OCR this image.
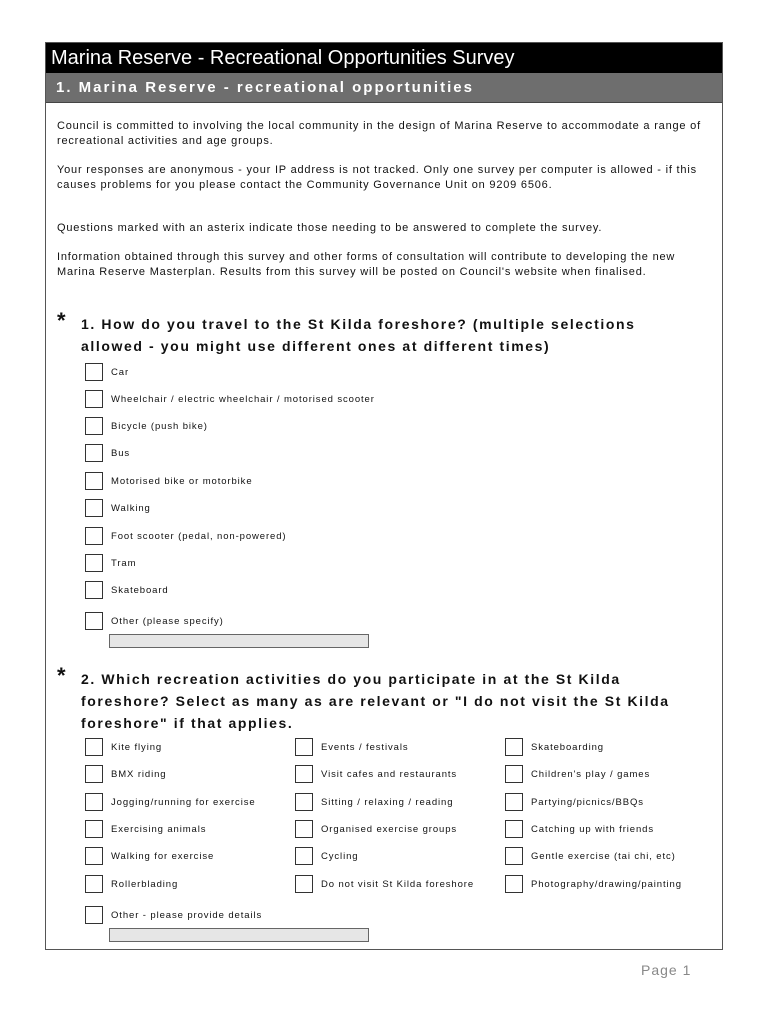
Marina Reserve - Recreational Opportunities Survey
1. Marina Reserve - recreational opportunities

Council is committed to involving the local community in the design of Marina Reserve to accommodate a range of recreational activities and age groups.

Your responses are anonymous - your IP address is not tracked. Only one survey per computer is allowed - if this causes problems for you please contact the Community Governance Unit on 9209 6506.

Questions marked with an asterix indicate those needing to be answered to complete the survey.

Information obtained through this survey and other forms of consultation will contribute to developing the new Marina Reserve Masterplan. Results from this survey will be posted on Council's website when finalised.

* 1. How do you travel to the St Kilda foreshore? (multiple selections allowed - you might use different ones at different times)

Car
Wheelchair / electric wheelchair / motorised scooter
Bicycle (push bike)
Bus
Motorised bike or motorbike
Walking
Foot scooter (pedal, non-powered)
Tram
Skateboard
Other (please specify)
* 2. Which recreation activities do you participate in at the St Kilda foreshore? Select as many as are relevant or "I do not visit the St Kilda foreshore" if that applies.

Kite flying
BMX riding
Jogging/running for exercise
Exercising animals
Walking for exercise
Rollerblading
Events / festivals
Visit cafes and restaurants
Sitting / relaxing / reading
Organised exercise groups
Cycling
Do not visit St Kilda foreshore
Skateboarding
Children's play / games
Partying/picnics/BBQs
Catching up with friends
Gentle exercise (tai chi, etc)
Photography/drawing/painting
Other - please provide details
Page 1
